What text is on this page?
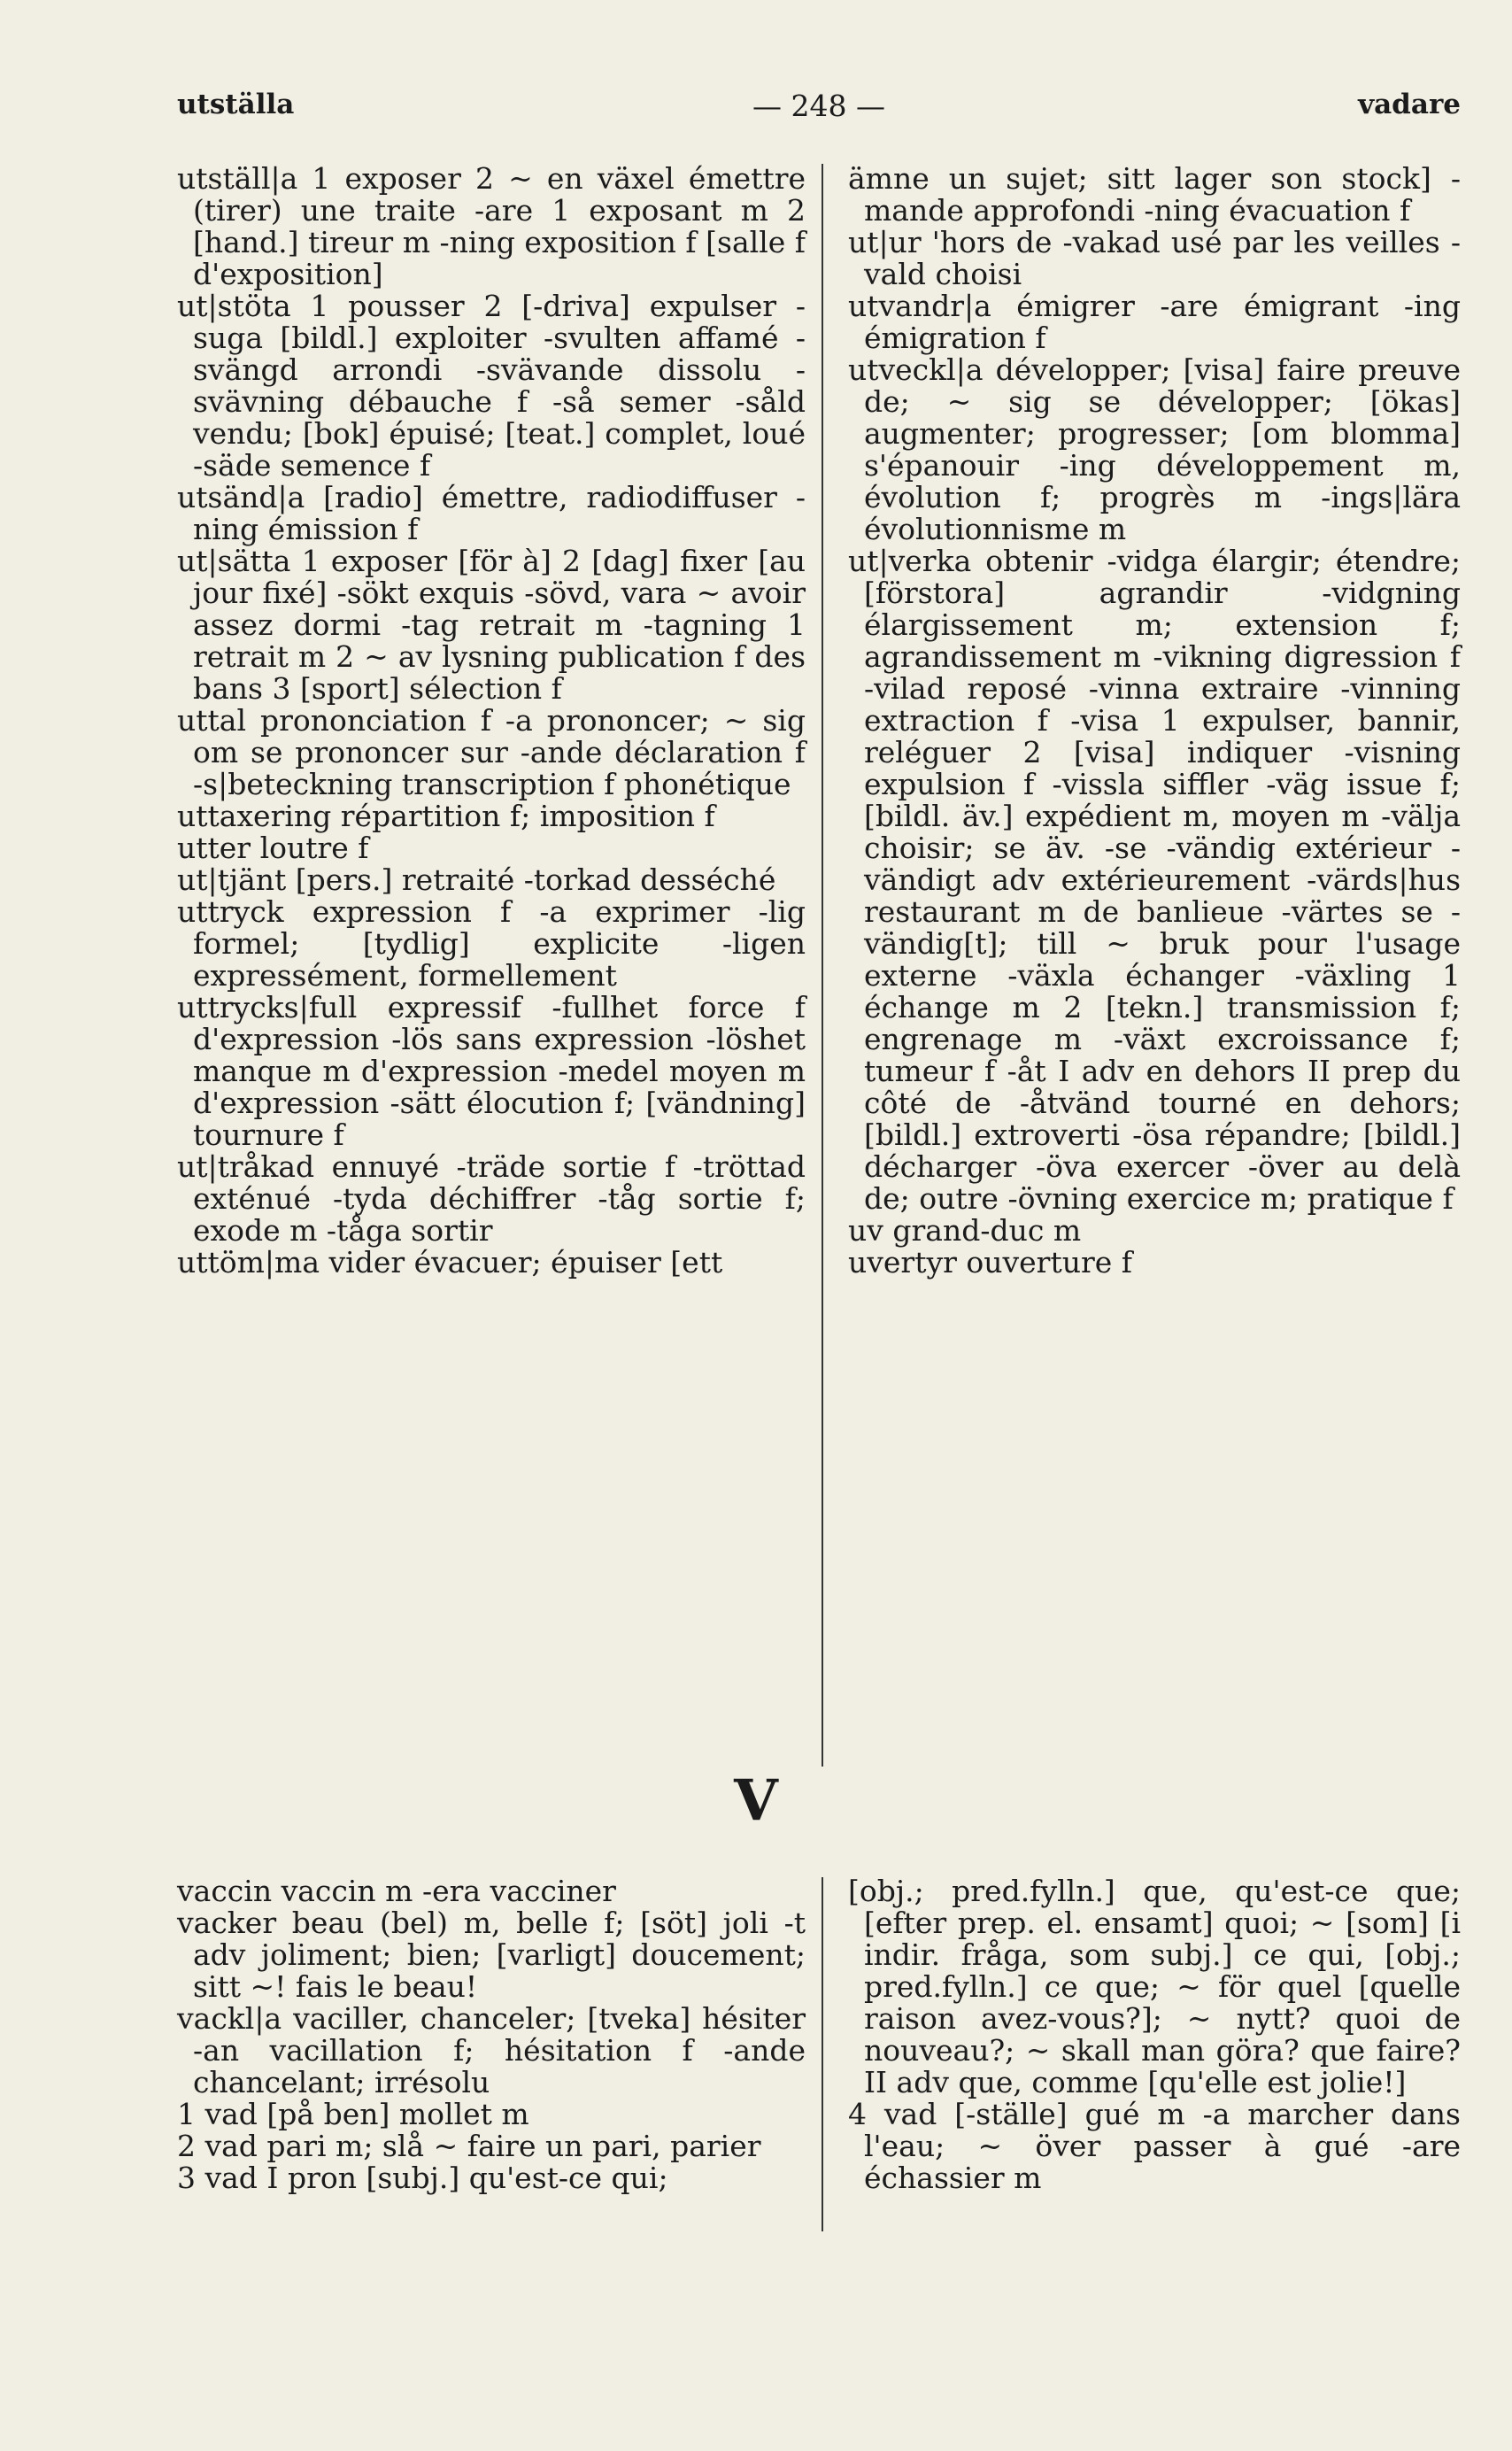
utställa	— 248 —	vadare

utställ|a 1 exposer 2 ~ en växel émettre (tirer) une traite -are 1 exposant m 2 [hand.] tireur m -ning exposition f [salle f d'exposition]

ut|stöta 1 pousser 2 [-driva] expulser -suga [bildl.] exploiter -svulten affamé -svängd arrondi -svävande dissolu -svävning débauche f -så semer -såld vendu; [bok] épuisé; [teat.] complet, loué -säde semence f

utsänd|a [radio] émettre, radiodiffuser -ning émission f

ut|sätta 1 exposer [för à] 2 [dag] fixer [au jour fixé] -sökt exquis -sövd, vara ~ avoir assez dormi -tag retrait m -tagning 1 retrait m 2 ~ av lysning publication f des bans 3 [sport] sélection f

uttal prononciation f -a prononcer; ~ sig om se prononcer sur -ande déclaration f -s|beteckning transcription f phonétique

uttaxering répartition f; imposition f

utter loutre f

ut|tjänt [pers.] retraité -torkad desséché

uttryck expression f -a exprimer -lig formel; [tydlig] explicite -ligen expressément, formellement

uttrycks|full expressif -fullhet force f d'expression -lös sans expression -löshet manque m d'expression -medel moyen m d'expression -sätt élocution f; [vändning] tournure f

ut|tråkad ennuyé -träde sortie f -tröttad exténué -tyda déchiffrer -tåg sortie f; exode m -tåga sortir

uttöm|ma vider évacuer; épuiser [ett

ämne un sujet; sitt lager son stock] -mande approfondi -ning évacuation f

ut|ur 'hors de -vakad usé par les veilles -vald choisi

utvandr|a émigrer -are émigrant -ing émigration f

utveckl|a développer; [visa] faire preuve de; ~ sig se développer; [ökas] augmenter; progresser; [om blomma] s'épanouir -ing développement m, évolution f; progrès m -ings|lära évolutionnisme m

ut|verka obtenir -vidga élargir; étendre; [förstora] agrandir -vidgning élargissement m; extension f; agrandissement m -vikning digression f -vilad reposé -vinna extraire -vinning extraction f -visa 1 expulser, bannir, reléguer 2 [visa] indiquer -visning expulsion f -vissla siffler -väg issue f; [bildl. äv.] expédient m, moyen m -välja choisir; se äv. -se -vändig extérieur -vändigt adv extérieurement -värds|hus restaurant m de banlieue -värtes se -vändig[t]; till ~ bruk pour l'usage externe -växla échanger -växling 1 échange m 2 [tekn.] transmission f; engrenage m -växt excroissance f; tumeur f -åt I adv en dehors II prep du côté de -åtvänd tourné en dehors; [bildl.] extroverti -ösa répandre; [bildl.] décharger -öva exercer -över au delà de; outre -övning exercice m; pratique f

uv grand-duc m

uvertyr ouverture f

V

vaccin vaccin m -era vacciner

vacker beau (bel) m, belle f; [söt] joli -t adv joliment; bien; [varligt] doucement; sitt ~! fais le beau!

vackl|a vaciller, chanceler; [tveka] hésiter -an vacillation f; hésitation f -ande chancelant; irrésolu

1 vad [på ben] mollet m

2 vad pari m; slå ~ faire un pari, parier

3 vad I pron [subj.] qu'est-ce qui;

[obj.; pred.fylln.] que, qu'est-ce que; [efter prep. el. ensamt] quoi; ~ [som] [i indir. fråga, som subj.] ce qui, [obj.; pred.fylln.] ce que; ~ för quel [quelle raison avez-vous?]; ~ nytt? quoi de nouveau?; ~ skall man göra? que faire? II adv que, comme [qu'elle est jolie!]

4 vad [-ställe] gué m -a marcher dans l'eau; ~ över passer à gué -are échassier m
